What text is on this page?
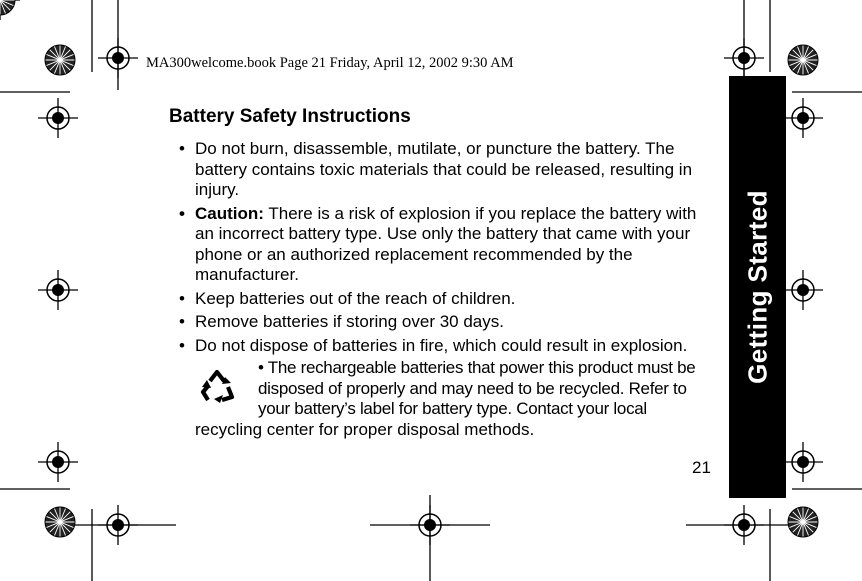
MA300welcome.book Page 21 Friday, April 12, 2002 9:30 AM
Getting Started
Battery Safety Instructions
• Do not burn, disassemble, mutilate, or puncture the battery. The battery contains toxic materials that could be released, resulting in injury.
• Caution: There is a risk of explosion if you replace the battery with an incorrect battery type. Use only the battery that came with your phone or an authorized replacement recommended by the manufacturer.
• Keep batteries out of the reach of children.
• Remove batteries if storing over 30 days.
• Do not dispose of batteries in fire, which could result in explosion.
• The rechargeable batteries that power this product must be disposed of properly and may need to be recycled. Refer to your battery’s label for battery type. Contact your local
recycling center for proper disposal methods.
21
